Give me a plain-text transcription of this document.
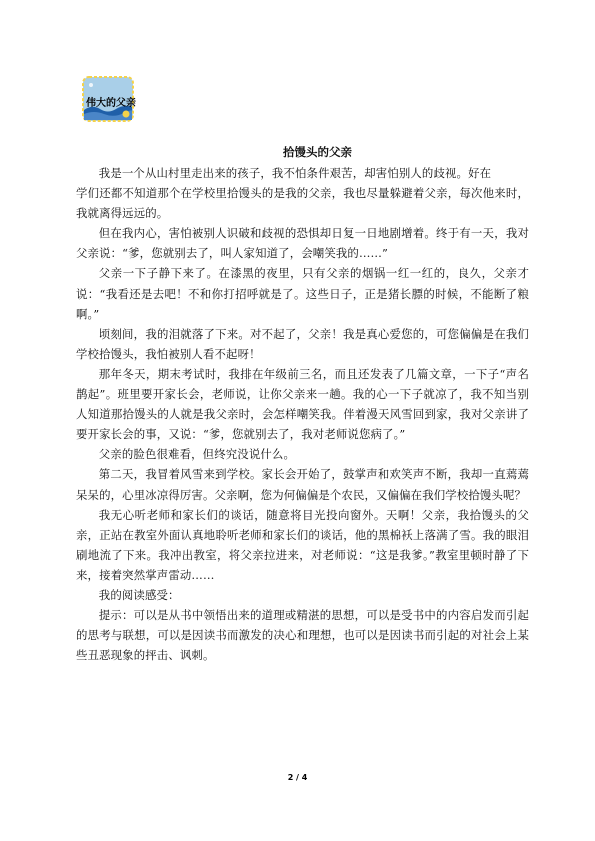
伟大的父亲
拾馒头的父亲

我是一个从山村里走出来的孩子，我不怕条件艰苦，却害怕别人的歧视。好在

学们还都不知道那个在学校里拾馒头的是我的父亲，我也尽量躲避着父亲，每次他来时，我就离得远远的。

但在我内心，害怕被别人识破和歧视的恐惧却日复一日地剧增着。终于有一天，我对父亲说：“爹，您就别去了，叫人家知道了，会嘲笑我的……”

父亲一下子静下来了。在漆黑的夜里，只有父亲的烟锅一红一红的，良久，父亲才说：“我看还是去吧！不和你打招呼就是了。这些日子，正是猪长膘的时候，不能断了粮啊。”

顷刻间，我的泪就落了下来。对不起了，父亲！我是真心爱您的，可您偏偏是在我们学校拾馒头，我怕被别人看不起呀！

那年冬天，期末考试时，我排在年级前三名，而且还发表了几篇文章，一下子“声名鹊起”。班里要开家长会，老师说，让你父亲来一趟。我的心一下子就凉了，我不知当别人知道那拾馒头的人就是我父亲时，会怎样嘲笑我。伴着漫天风雪回到家，我对父亲讲了要开家长会的事，又说：“爹，您就别去了，我对老师说您病了。”

父亲的脸色很难看，但终究没说什么。

第二天，我冒着风雪来到学校。家长会开始了，鼓掌声和欢笑声不断，我却一直蔫蔫呆呆的，心里冰凉得厉害。父亲啊，您为何偏偏是个农民，又偏偏在我们学校拾馒头呢？

我无心听老师和家长们的谈话，随意将目光投向窗外。天啊！父亲，我拾馒头的父亲，正站在教室外面认真地聆听老师和家长们的谈话，他的黑棉袄上落满了雪。我的眼泪刷地流了下来。我冲出教室，将父亲拉进来，对老师说：“这是我爹。”教室里顿时静了下来，接着突然掌声雷动……

我的阅读感受：

提示：可以是从书中领悟出来的道理或精湛的思想，可以是受书中的内容启发而引起的思考与联想，可以是因读书而激发的决心和理想，也可以是因读书而引起的对社会上某些丑恶现象的抨击、讽刺。

2 / 4
